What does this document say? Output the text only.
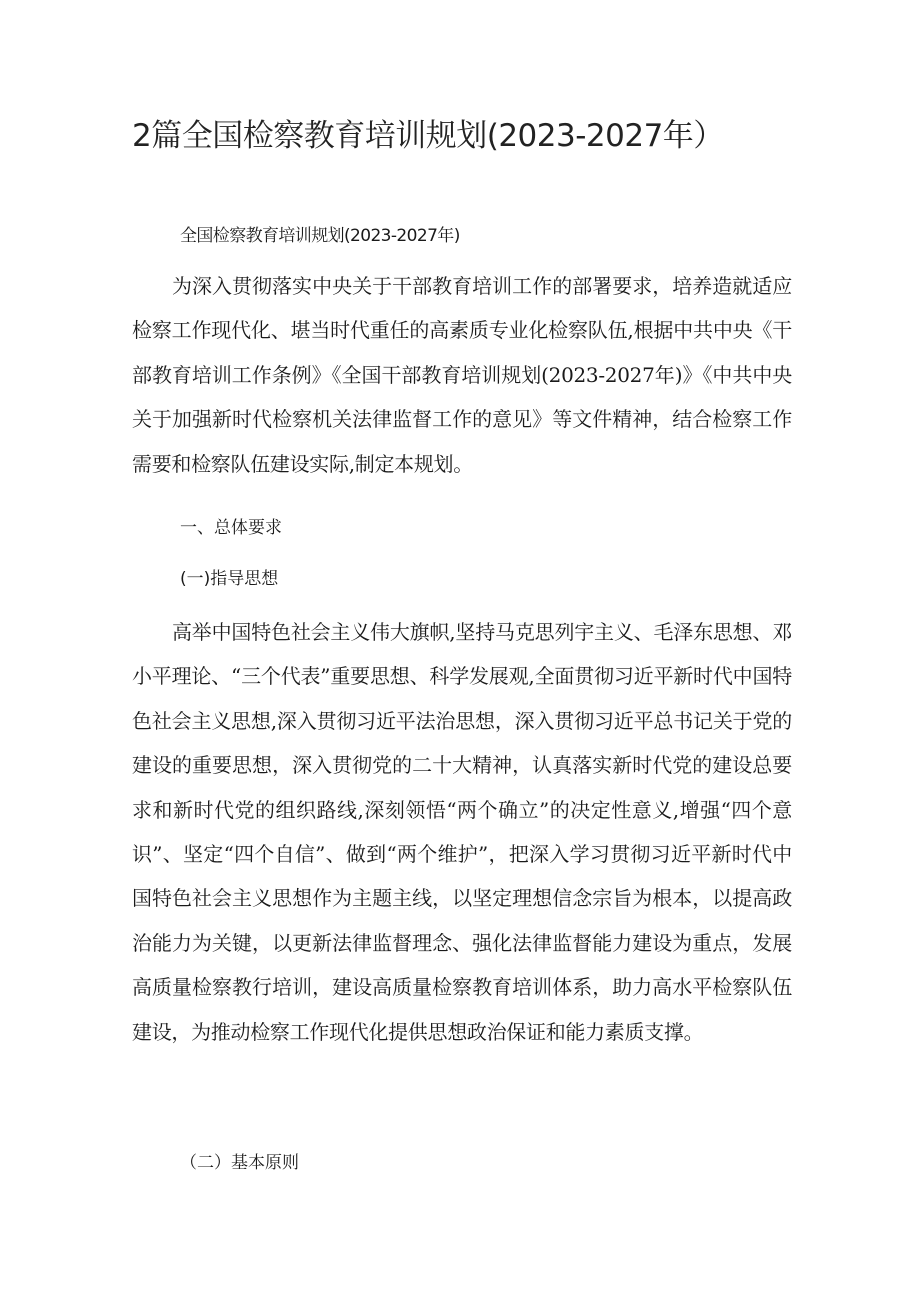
2篇全国检察教育培训规划(2023-2027年）
全国检察教育培训规划(2023-2027年)

为深入贯彻落实中央关于干部教育培训工作的部署要求，培养造就适应检察工作现代化、堪当时代重任的高素质专业化检察队伍,根据中共中央《干部教育培训工作条例》《全国干部教育培训规划(2023-2027年)》《中共中央关于加强新时代检察机关法律监督工作的意见》等文件精神，结合检察工作需要和检察队伍建设实际,制定本规划。

一、总体要求
(一)指导思想

高举中国特色社会主义伟大旗帜,坚持马克思列宇主义、毛泽东思想、邓小平理论、“三个代表”重要思想、科学发展观,全面贯彻习近平新时代中国特色社会主义思想,深入贯彻习近平法治思想，深入贯彻习近平总书记关于党的建设的重要思想，深入贯彻党的二十大精神，认真落实新时代党的建设总要求和新时代党的组织路线,深刻领悟“两个确立”的决定性意义,增强“四个意识”、坚定“四个自信”、做到“两个维护”，把深入学习贯彻习近平新时代中国特色社会主义思想作为主题主线，以坚定理想信念宗旨为根本，以提高政治能力为关键，以更新法律监督理念、强化法律监督能力建设为重点，发展高质量检察教行培训，建设高质量检察教育培训体系，助力高水平检察队伍建设，为推动检察工作现代化提供思想政治保证和能力素质支撑。

（二）基本原则
